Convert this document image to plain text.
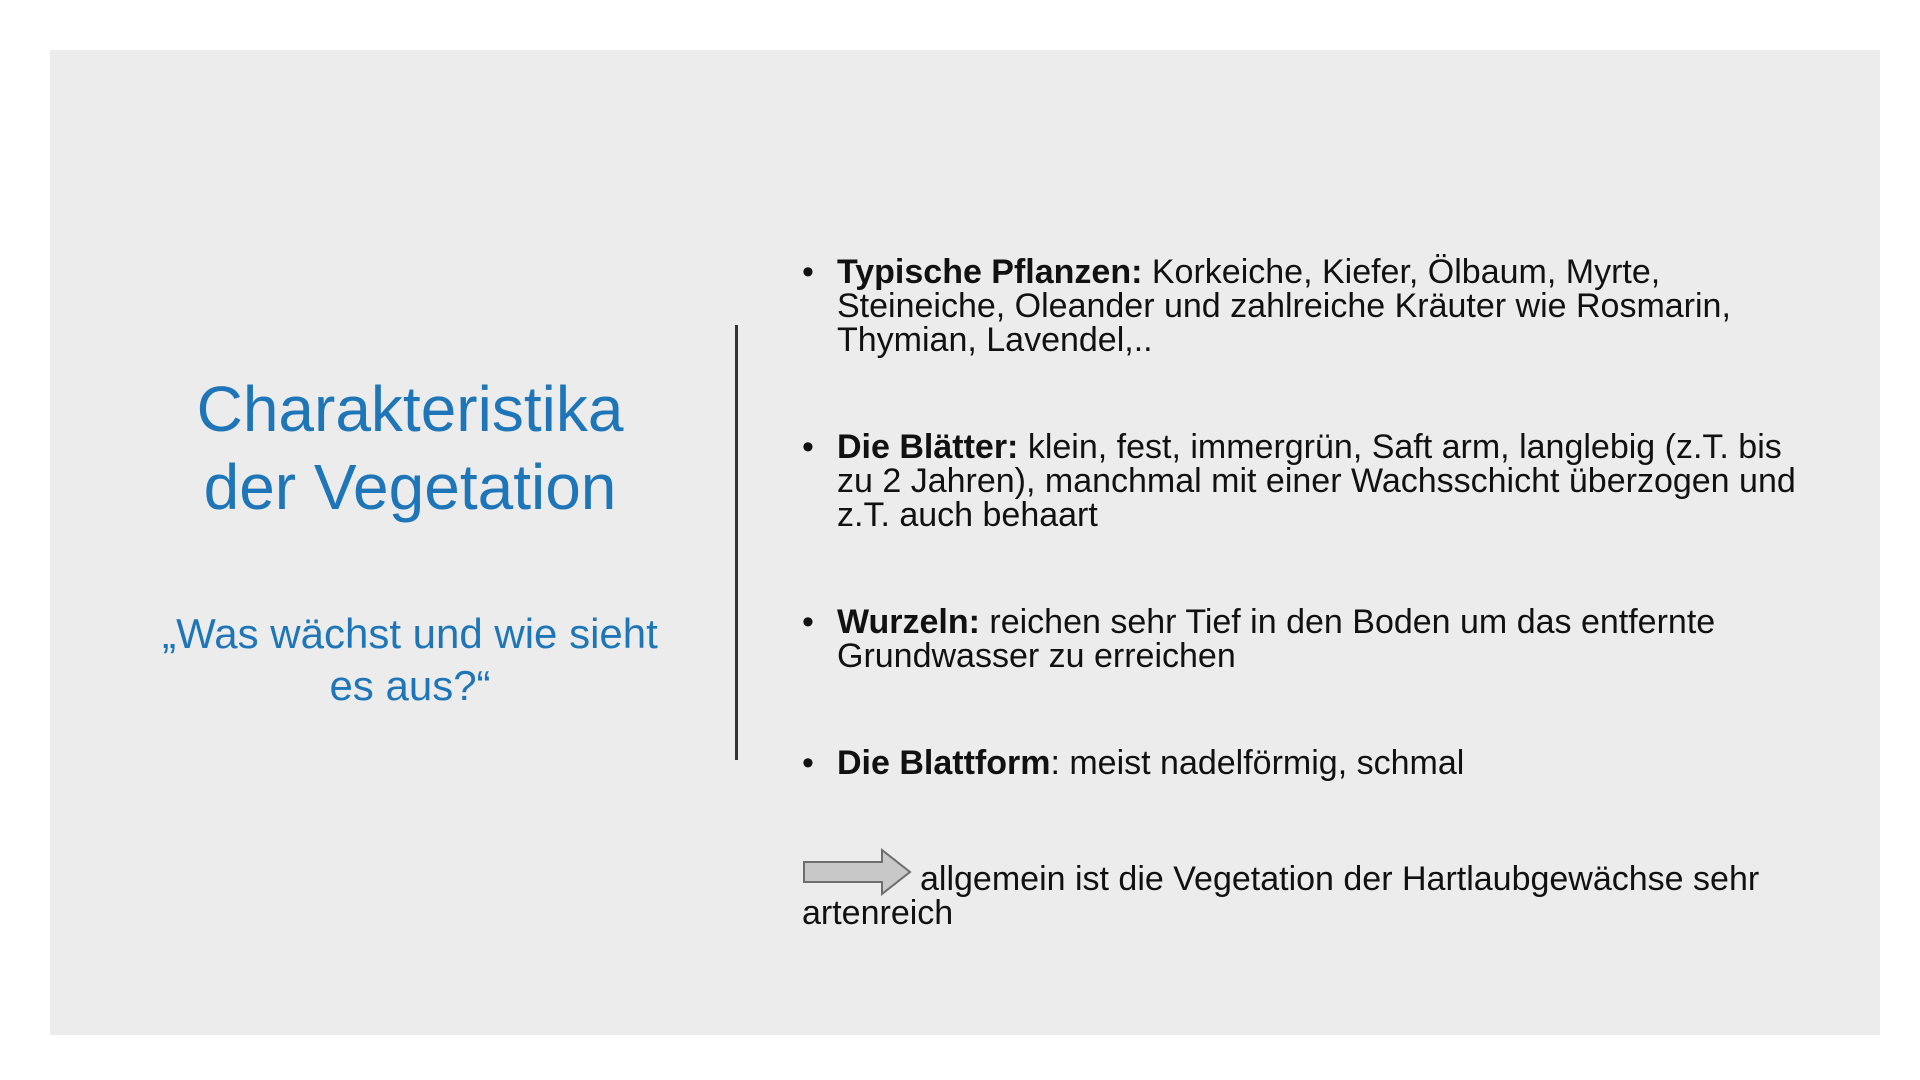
Charakteristika
der Vegetation

„Was wächst und wie sieht
es aus?“

• Typische Pflanzen: Korkeiche, Kiefer, Ölbaum, Myrte, Steineiche, Oleander und zahlreiche Kräuter wie Rosmarin, Thymian, Lavendel,..
• Die Blätter: klein, fest, immergrün, Saft arm, langlebig (z.T. bis zu 2 Jahren), manchmal mit einer Wachsschicht überzogen und z.T. auch behaart
• Wurzeln: reichen sehr Tief in den Boden um das entfernte Grundwasser zu erreichen
• Die Blattform: meist nadelförmig, schmal
allgemein ist die Vegetation der Hartlaubgewächse sehr artenreich
